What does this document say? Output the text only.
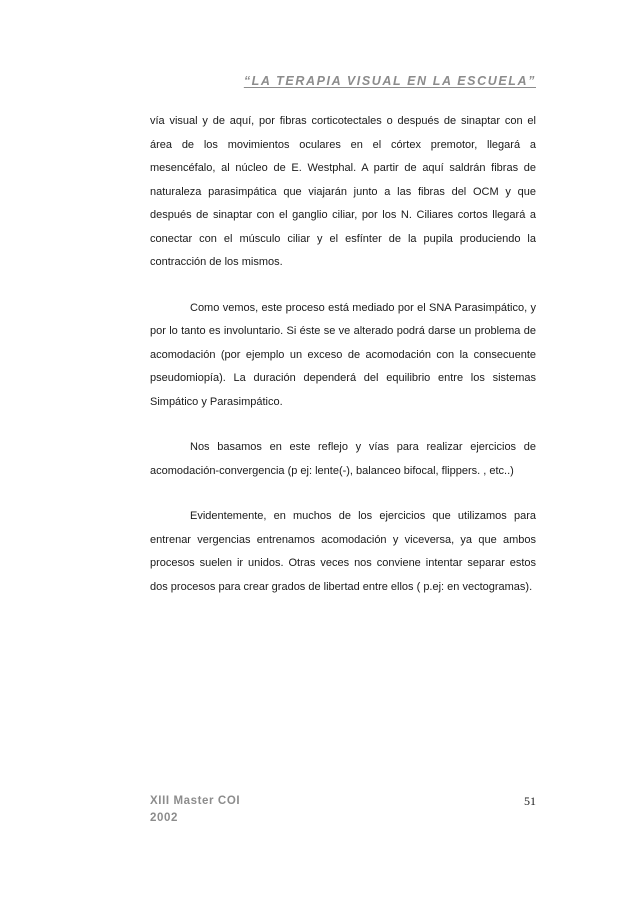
“LA TERAPIA VISUAL EN LA ESCUELA”

vía visual y de aquí, por fibras corticotectales o después de sinaptar con el área de los movimientos oculares en el córtex premotor, llegará a mesencéfalo, al núcleo de E. Westphal. A partir de aquí saldrán fibras de naturaleza parasimpática que viajarán junto a las fibras del OCM y que después de sinaptar con el ganglio ciliar, por los N. Ciliares cortos llegará a conectar con el músculo ciliar y el esfínter de la pupila produciendo la contracción de los mismos.

Como vemos, este proceso está mediado por el SNA Parasimpático, y por lo tanto es involuntario. Si éste se ve alterado podrá darse un problema de acomodación (por ejemplo un exceso de acomodación con la consecuente pseudomiopía). La duración dependerá del equilibrio entre los sistemas Simpático y Parasimpático.

Nos basamos en este reflejo y vías para realizar ejercicios de acomodación-convergencia (p ej: lente(-), balanceo bifocal, flippers. , etc..)

Evidentemente, en muchos de los ejercicios que utilizamos para entrenar vergencias entrenamos acomodación y viceversa, ya que ambos procesos suelen ir unidos. Otras veces nos conviene intentar separar estos dos procesos para crear grados de libertad entre ellos ( p.ej: en vectogramas).

XIII Master COI
2002
51
